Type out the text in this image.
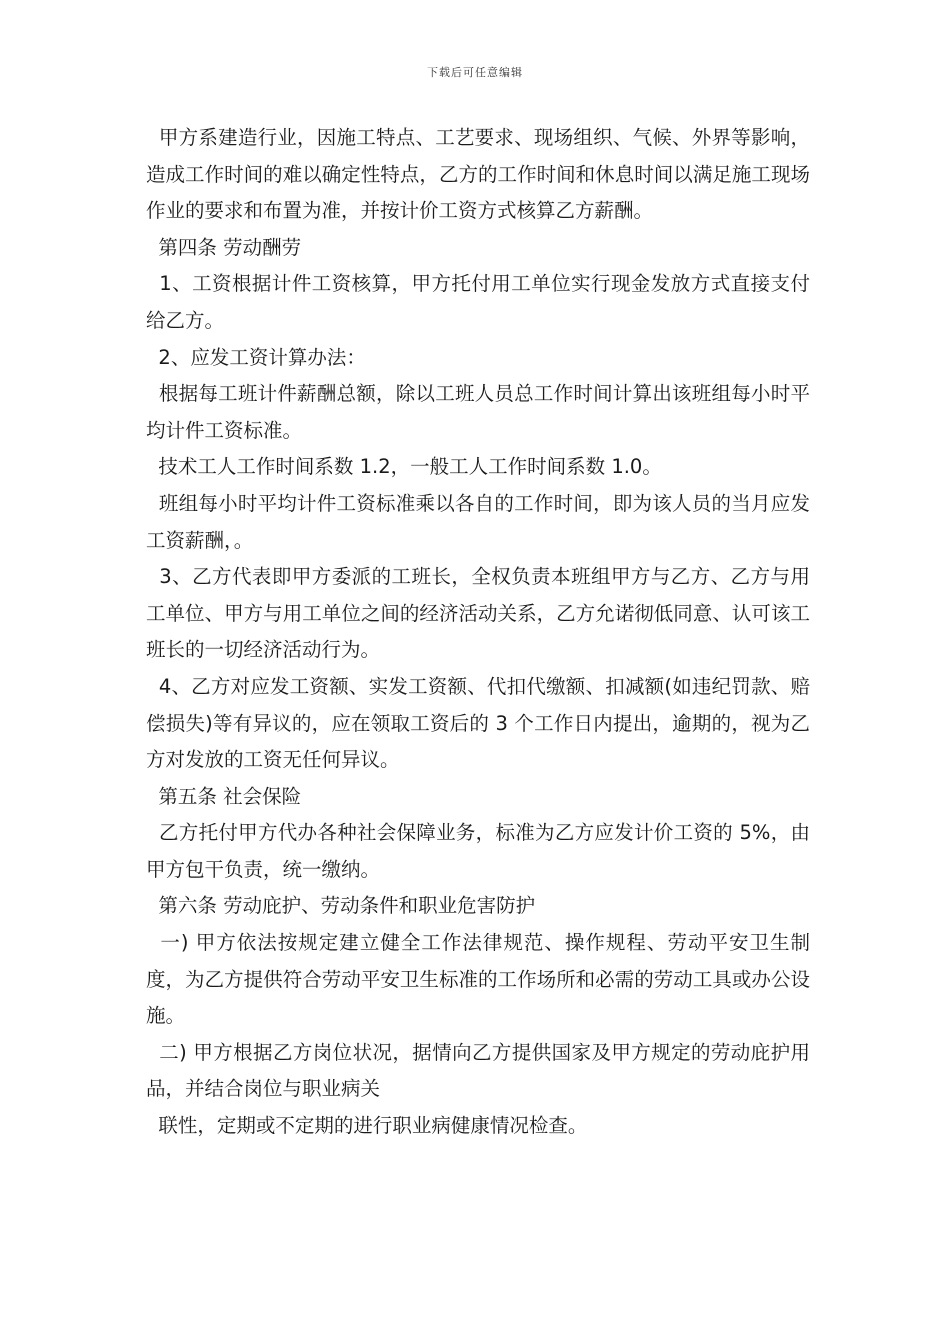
下载后可任意编辑

甲方系建造行业，因施工特点、工艺要求、现场组织、气候、外界等影响，造成工作时间的难以确定性特点，乙方的工作时间和休息时间以满足施工现场作业的要求和布置为准，并按计价工资方式核算乙方薪酬。

第四条 劳动酬劳

1、工资根据计件工资核算，甲方托付用工单位实行现金发放方式直接支付给乙方。

2、应发工资计算办法：

根据每工班计件薪酬总额，除以工班人员总工作时间计算出该班组每小时平均计件工资标准。

技术工人工作时间系数 1.2，一般工人工作时间系数 1.0。

班组每小时平均计件工资标准乘以各自的工作时间，即为该人员的当月应发工资薪酬，。

3、乙方代表即甲方委派的工班长，全权负责本班组甲方与乙方、乙方与用工单位、甲方与用工单位之间的经济活动关系，乙方允诺彻低同意、认可该工班长的一切经济活动行为。

4、乙方对应发工资额、实发工资额、代扣代缴额、扣减额(如违纪罚款、赔偿损失)等有异议的，应在领取工资后的 3 个工作日内提出，逾期的，视为乙方对发放的工资无任何异议。

第五条 社会保险

乙方托付甲方代办各种社会保障业务，标准为乙方应发计价工资的 5%，由甲方包干负责，统一缴纳。

第六条 劳动庇护、劳动条件和职业危害防护

一) 甲方依法按规定建立健全工作法律规范、操作规程、劳动平安卫生制度，为乙方提供符合劳动平安卫生标准的工作场所和必需的劳动工具或办公设施。

二) 甲方根据乙方岗位状况，据情向乙方提供国家及甲方规定的劳动庇护用品，并结合岗位与职业病关

联性，定期或不定期的进行职业病健康情况检查。
